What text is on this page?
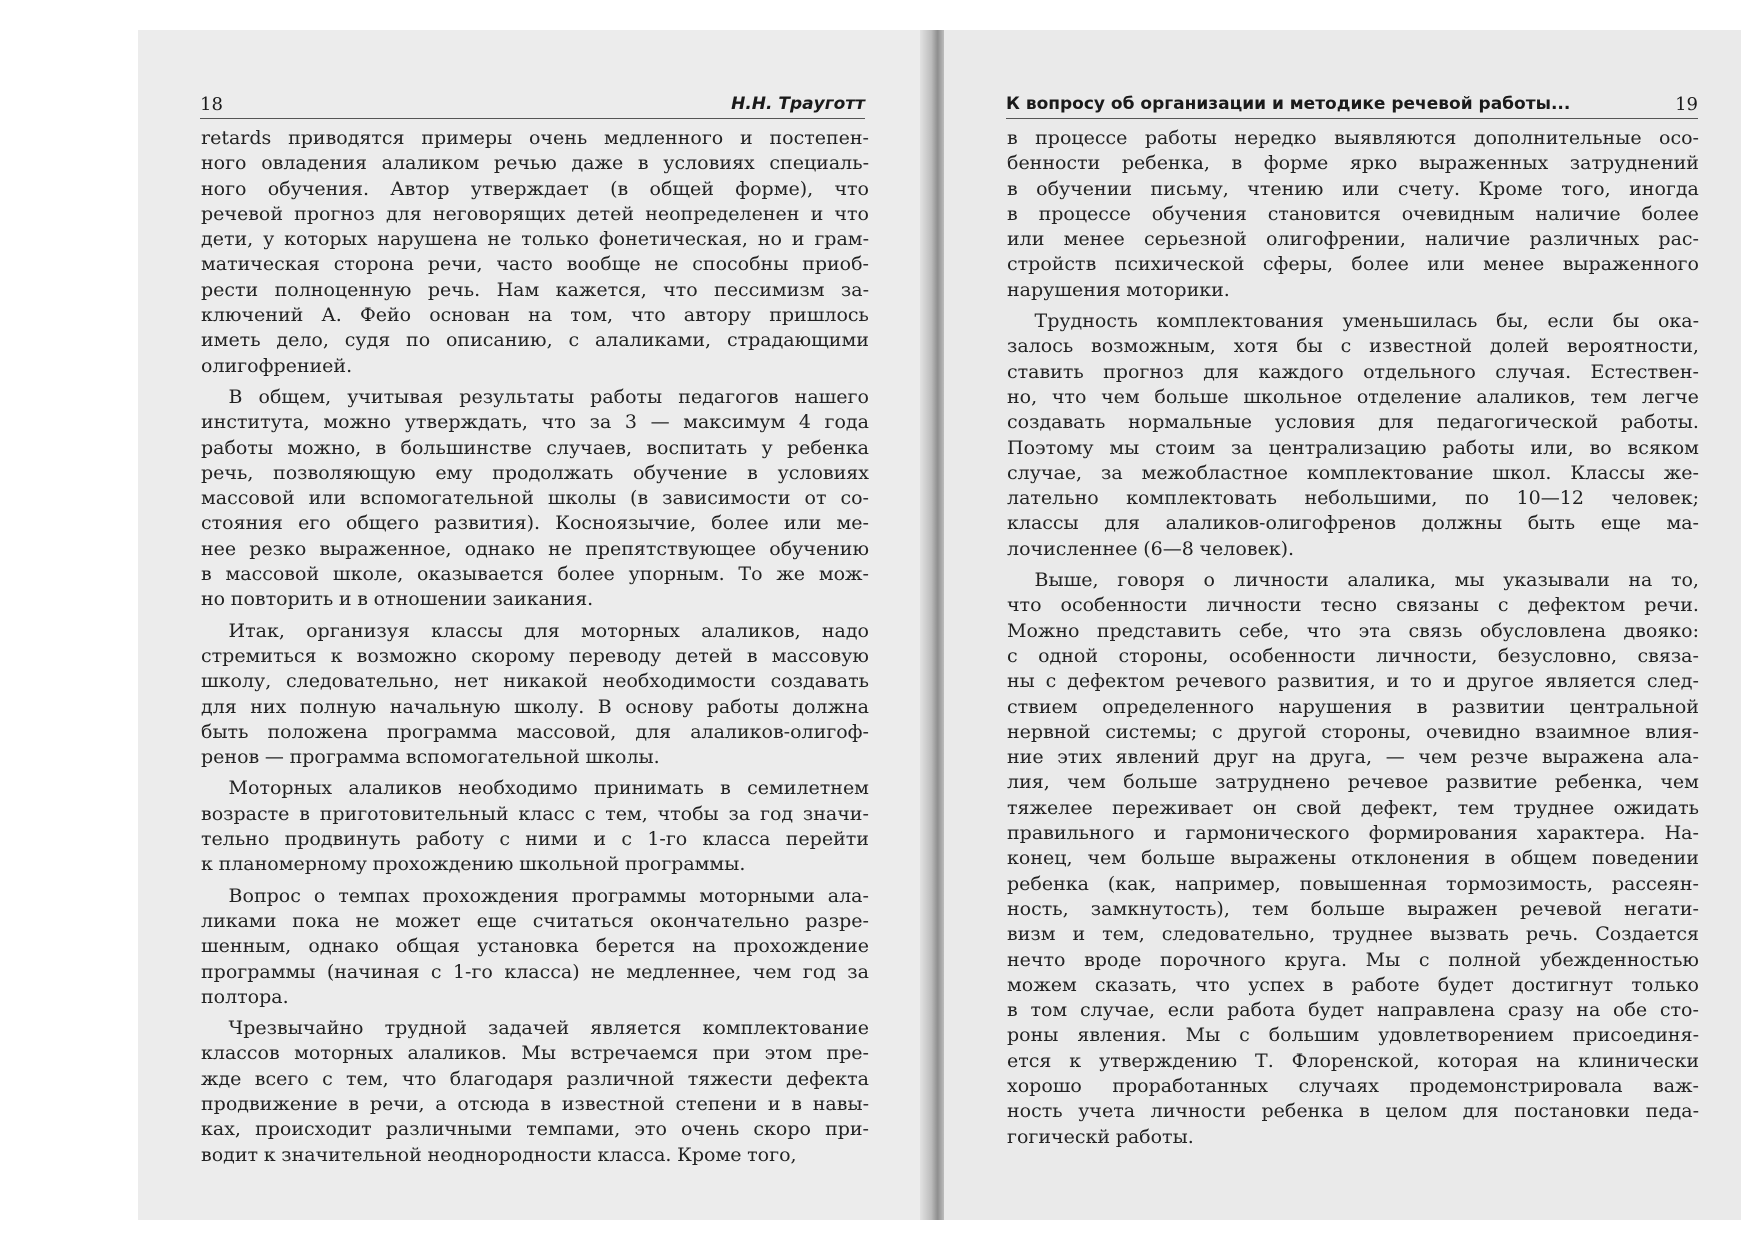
18	Н.Н. Трауготт
retards приводятся примеры очень медленного и постепен-
ного овладения алаликом речью даже в условиях специаль-
ного обучения. Автор утверждает (в общей форме), что
речевой прогноз для неговорящих детей неопределенен и что
дети, у которых нарушена не только фонетическая, но и грам-
матическая сторона речи, часто вообще не способны приоб-
рести полноценную речь. Нам кажется, что пессимизм за-
ключений А. Фейо основан на том, что автору пришлось
иметь дело, судя по описанию, с алаликами, страдающими
олигофренией.
В общем, учитывая результаты работы педагогов нашего
института, можно утверждать, что за 3 — максимум 4 года
работы можно, в большинстве случаев, воспитать у ребенка
речь, позволяющую ему продолжать обучение в условиях
массовой или вспомогательной школы (в зависимости от со-
стояния его общего развития). Косноязычие, более или ме-
нее резко выраженное, однако не препятствующее обучению
в массовой школе, оказывается более упорным. То же мож-
но повторить и в отношении заикания.
Итак, организуя классы для моторных алаликов, надо
стремиться к возможно скорому переводу детей в массовую
школу, следовательно, нет никакой необходимости создавать
для них полную начальную школу. В основу работы должна
быть положена программа массовой, для алаликов-олигоф-
ренов — программа вспомогательной школы.
Моторных алаликов необходимо принимать в семилетнем
возрасте в приготовительный класс с тем, чтобы за год значи-
тельно продвинуть работу с ними и с 1-го класса перейти
к планомерному прохождению школьной программы.
Вопрос о темпах прохождения программы моторными ала-
ликами пока не может еще считаться окончательно разре-
шенным, однако общая установка берется на прохождение
программы (начиная с 1-го класса) не медленнее, чем год за
полтора.
Чрезвычайно трудной задачей является комплектование
классов моторных алаликов. Мы встречаемся при этом пре-
жде всего с тем, что благодаря различной тяжести дефекта
продвижение в речи, а отсюда в известной степени и в навы-
ках, происходит различными темпами, это очень скоро при-
водит к значительной неоднородности класса. Кроме того,
К вопросу об организации и методике речевой работы...	19
в процессе работы нередко выявляются дополнительные осо-
бенности ребенка, в форме ярко выраженных затруднений
в обучении письму, чтению или счету. Кроме того, иногда
в процессе обучения становится очевидным наличие более
или менее серьезной олигофрении, наличие различных рас-
стройств психической сферы, более или менее выраженного
нарушения моторики.
Трудность комплектования уменьшилась бы, если бы ока-
залось возможным, хотя бы с известной долей вероятности,
ставить прогноз для каждого отдельного случая. Естествен-
но, что чем больше школьное отделение алаликов, тем легче
создавать нормальные условия для педагогической работы.
Поэтому мы стоим за централизацию работы или, во всяком
случае, за межобластное комплектование школ. Классы же-
лательно комплектовать небольшими, по 10—12 человек;
классы для алаликов-олигофренов должны быть еще ма-
лочисленнее (6—8 человек).
Выше, говоря о личности алалика, мы указывали на то,
что особенности личности тесно связаны с дефектом речи.
Можно представить себе, что эта связь обусловлена двояко:
с одной стороны, особенности личности, безусловно, связа-
ны с дефектом речевого развития, и то и другое является след-
ствием определенного нарушения в развитии центральной
нервной системы; с другой стороны, очевидно взаимное влия-
ние этих явлений друг на друга, — чем резче выражена ала-
лия, чем больше затруднено речевое развитие ребенка, чем
тяжелее переживает он свой дефект, тем труднее ожидать
правильного и гармонического формирования характера. На-
конец, чем больше выражены отклонения в общем поведении
ребенка (как, например, повышенная тормозимость, рассеян-
ность, замкнутость), тем больше выражен речевой негати-
визм и тем, следовательно, труднее вызвать речь. Создается
нечто вроде порочного круга. Мы с полной убежденностью
можем сказать, что успех в работе будет достигнут только
в том случае, если работа будет направлена сразу на обе сто-
роны явления. Мы с большим удовлетворением присоединя-
ется к утверждению Т. Флоренской, которая на клинически
хорошо проработанных случаях продемонстрировала важ-
ность учета личности ребенка в целом для постановки педа-
гогическй работы.
